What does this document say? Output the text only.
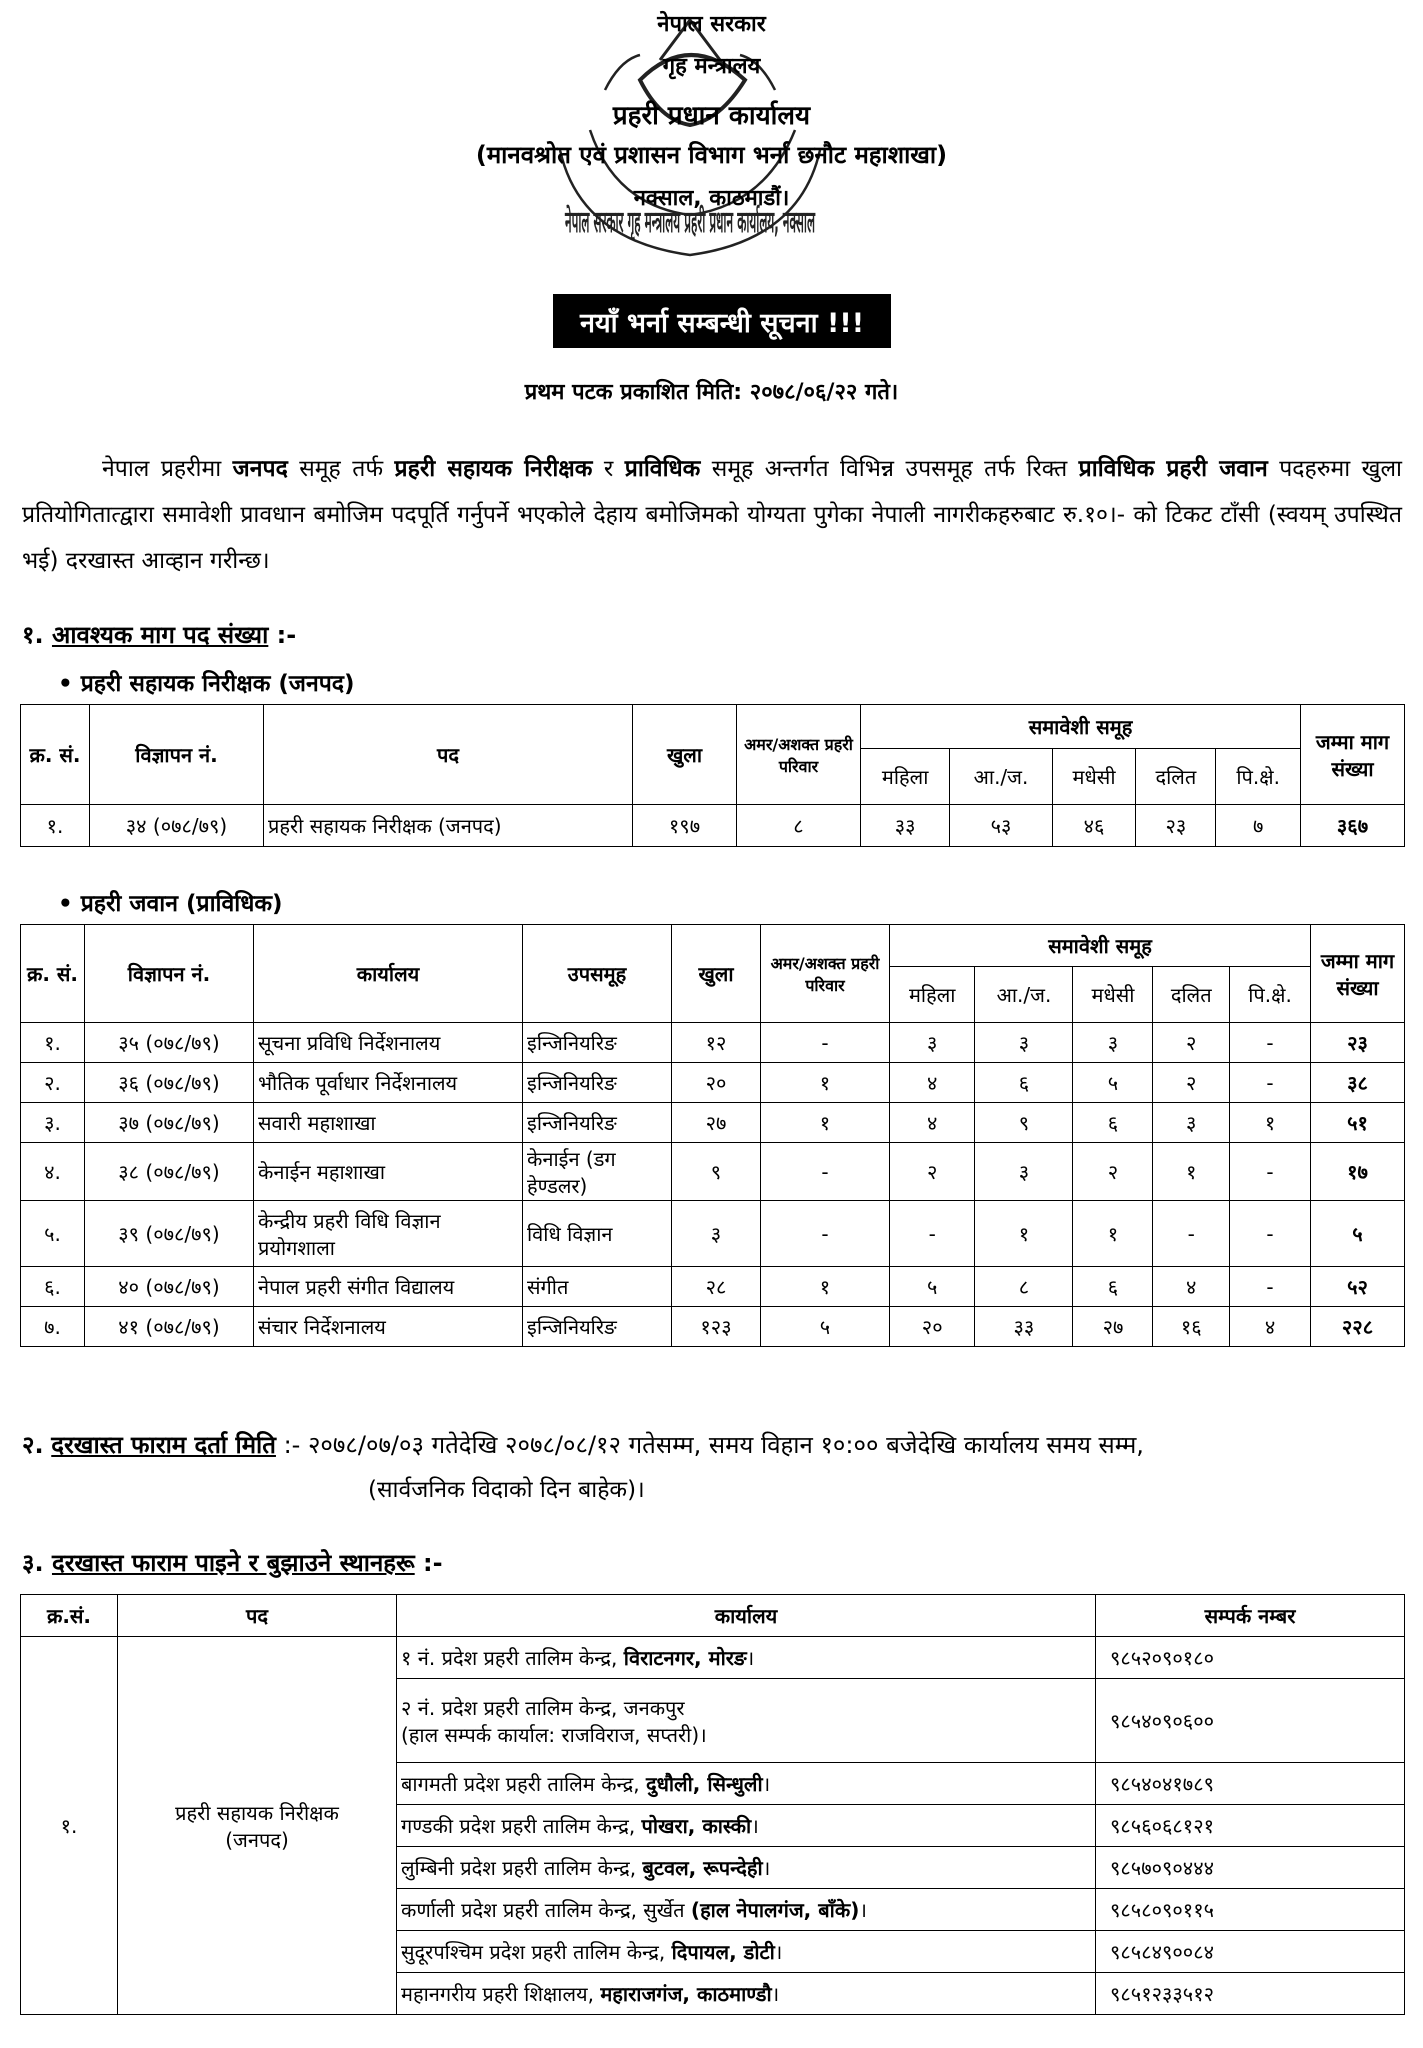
नेपाल सरकार गृह मन्त्रालय प्रहरी प्रधान कार्यालय, नक्साल
नेपाल सरकार
गृह मन्त्रालय
प्रहरी प्रधान कार्यालय
(मानवश्रोत एवं प्रशासन विभाग भर्ना छनौट महाशाखा)
नक्साल, काठमाडौं।
नयाँ भर्ना सम्बन्धी सूचना !!!
प्रथम पटक प्रकाशित मिति: २०७८/०६/२२ गते।
नेपाल प्रहरीमा जनपद समूह तर्फ प्रहरी सहायक निरीक्षक र प्राविधिक समूह अन्तर्गत विभिन्न उपसमूह तर्फ रिक्त प्राविधिक प्रहरी जवान पदहरुमा खुला प्रतियोगितात्द्वारा समावेशी प्रावधान बमोजिम पदपूर्ति गर्नुपर्ने भएकोले देहाय बमोजिमको योग्यता पुगेका नेपाली नागरीकहरुबाट रु.१०।- को टिकट टाँसी (स्वयम् उपस्थित भई) दरखास्त आव्हान गरीन्छ।
१. आवश्यक माग पद संख्या :-
• प्रहरी सहायक निरीक्षक (जनपद)
क्र. सं.	विज्ञापन नं.	पद	खुला	अमर/अशक्त प्रहरी परिवार	समावेशी समूह					जम्मा माग संख्या
					महिला	आ./ज.	मधेसी	दलित	पि.क्षे.	
१.	३४ (०७८/७९)	प्रहरी सहायक निरीक्षक (जनपद)	१९७	८	३३	५३	४६	२३	७	३६७
• प्रहरी जवान (प्राविधिक)
क्र. सं.	विज्ञापन नं.	कार्यालय	उपसमूह	खुला	अमर/अशक्त प्रहरी परिवार	समावेशी समूह					जम्मा माग संख्या
						महिला	आ./ज.	मधेसी	दलित	पि.क्षे.	
१.	३५ (०७८/७९)	सूचना प्रविधि निर्देशनालय	इन्जिनियरिङ	१२	-	३	३	३	२	-	२३
२.	३६ (०७८/७९)	भौतिक पूर्वाधार निर्देशनालय	इन्जिनियरिङ	२०	१	४	६	५	२	-	३८
३.	३७ (०७८/७९)	सवारी महाशाखा	इन्जिनियरिङ	२७	१	४	९	६	३	१	५१
४.	३८ (०७८/७९)	केनाईन महाशाखा	केनाईन (डग हेण्डलर)	९	-	२	३	२	१	-	१७
५.	३९ (०७८/७९)	केन्द्रीय प्रहरी विधि विज्ञान प्रयोगशाला	विधि विज्ञान	३	-	-	१	१	-	-	५
६.	४० (०७८/७९)	नेपाल प्रहरी संगीत विद्यालय	संगीत	२८	१	५	८	६	४	-	५२
७.	४१ (०७८/७९)	संचार निर्देशनालय	इन्जिनियरिङ	१२३	५	२०	३३	२७	१६	४	२२८
२. दरखास्त फाराम दर्ता मिति :- २०७८/०७/०३ गतेदेखि २०७८/०८/१२ गतेसम्म, समय विहान १०:०० बजेदेखि कार्यालय समय सम्म,
(सार्वजनिक विदाको दिन बाहेक)।
३. दरखास्त फाराम पाइने र बुझाउने स्थानहरू :-
क्र.सं.	पद	कार्यालय	सम्पर्क नम्बर
१.	प्रहरी सहायक निरीक्षक (जनपद)	१ नं. प्रदेश प्रहरी तालिम केन्द्र, विराटनगर, मोरङ।	९८५२०९०१८०
		२ नं. प्रदेश प्रहरी तालिम केन्द्र, जनकपुर
(हाल सम्पर्क कार्याल: राजविराज, सप्तरी)।	९८५४०९०६००
		बागमती प्रदेश प्रहरी तालिम केन्द्र, दुधौली, सिन्धुली।	९८५४०४१७८९
		गण्डकी प्रदेश प्रहरी तालिम केन्द्र, पोखरा, कास्की।	९८५६०६८१२१
		लुम्बिनी प्रदेश प्रहरी तालिम केन्द्र, बुटवल, रूपन्देही।	९८५७०९०४४४
		कर्णाली प्रदेश प्रहरी तालिम केन्द्र, सुर्खेत (हाल नेपालगंज, बाँके)।	९८५८०९०११५
		सुदूरपश्चिम प्रदेश प्रहरी तालिम केन्द्र, दिपायल, डोटी।	९८५८४९००८४
		महानगरीय प्रहरी शिक्षालय, महाराजगंज, काठमाण्डौ।	९८५१२३३५१२
